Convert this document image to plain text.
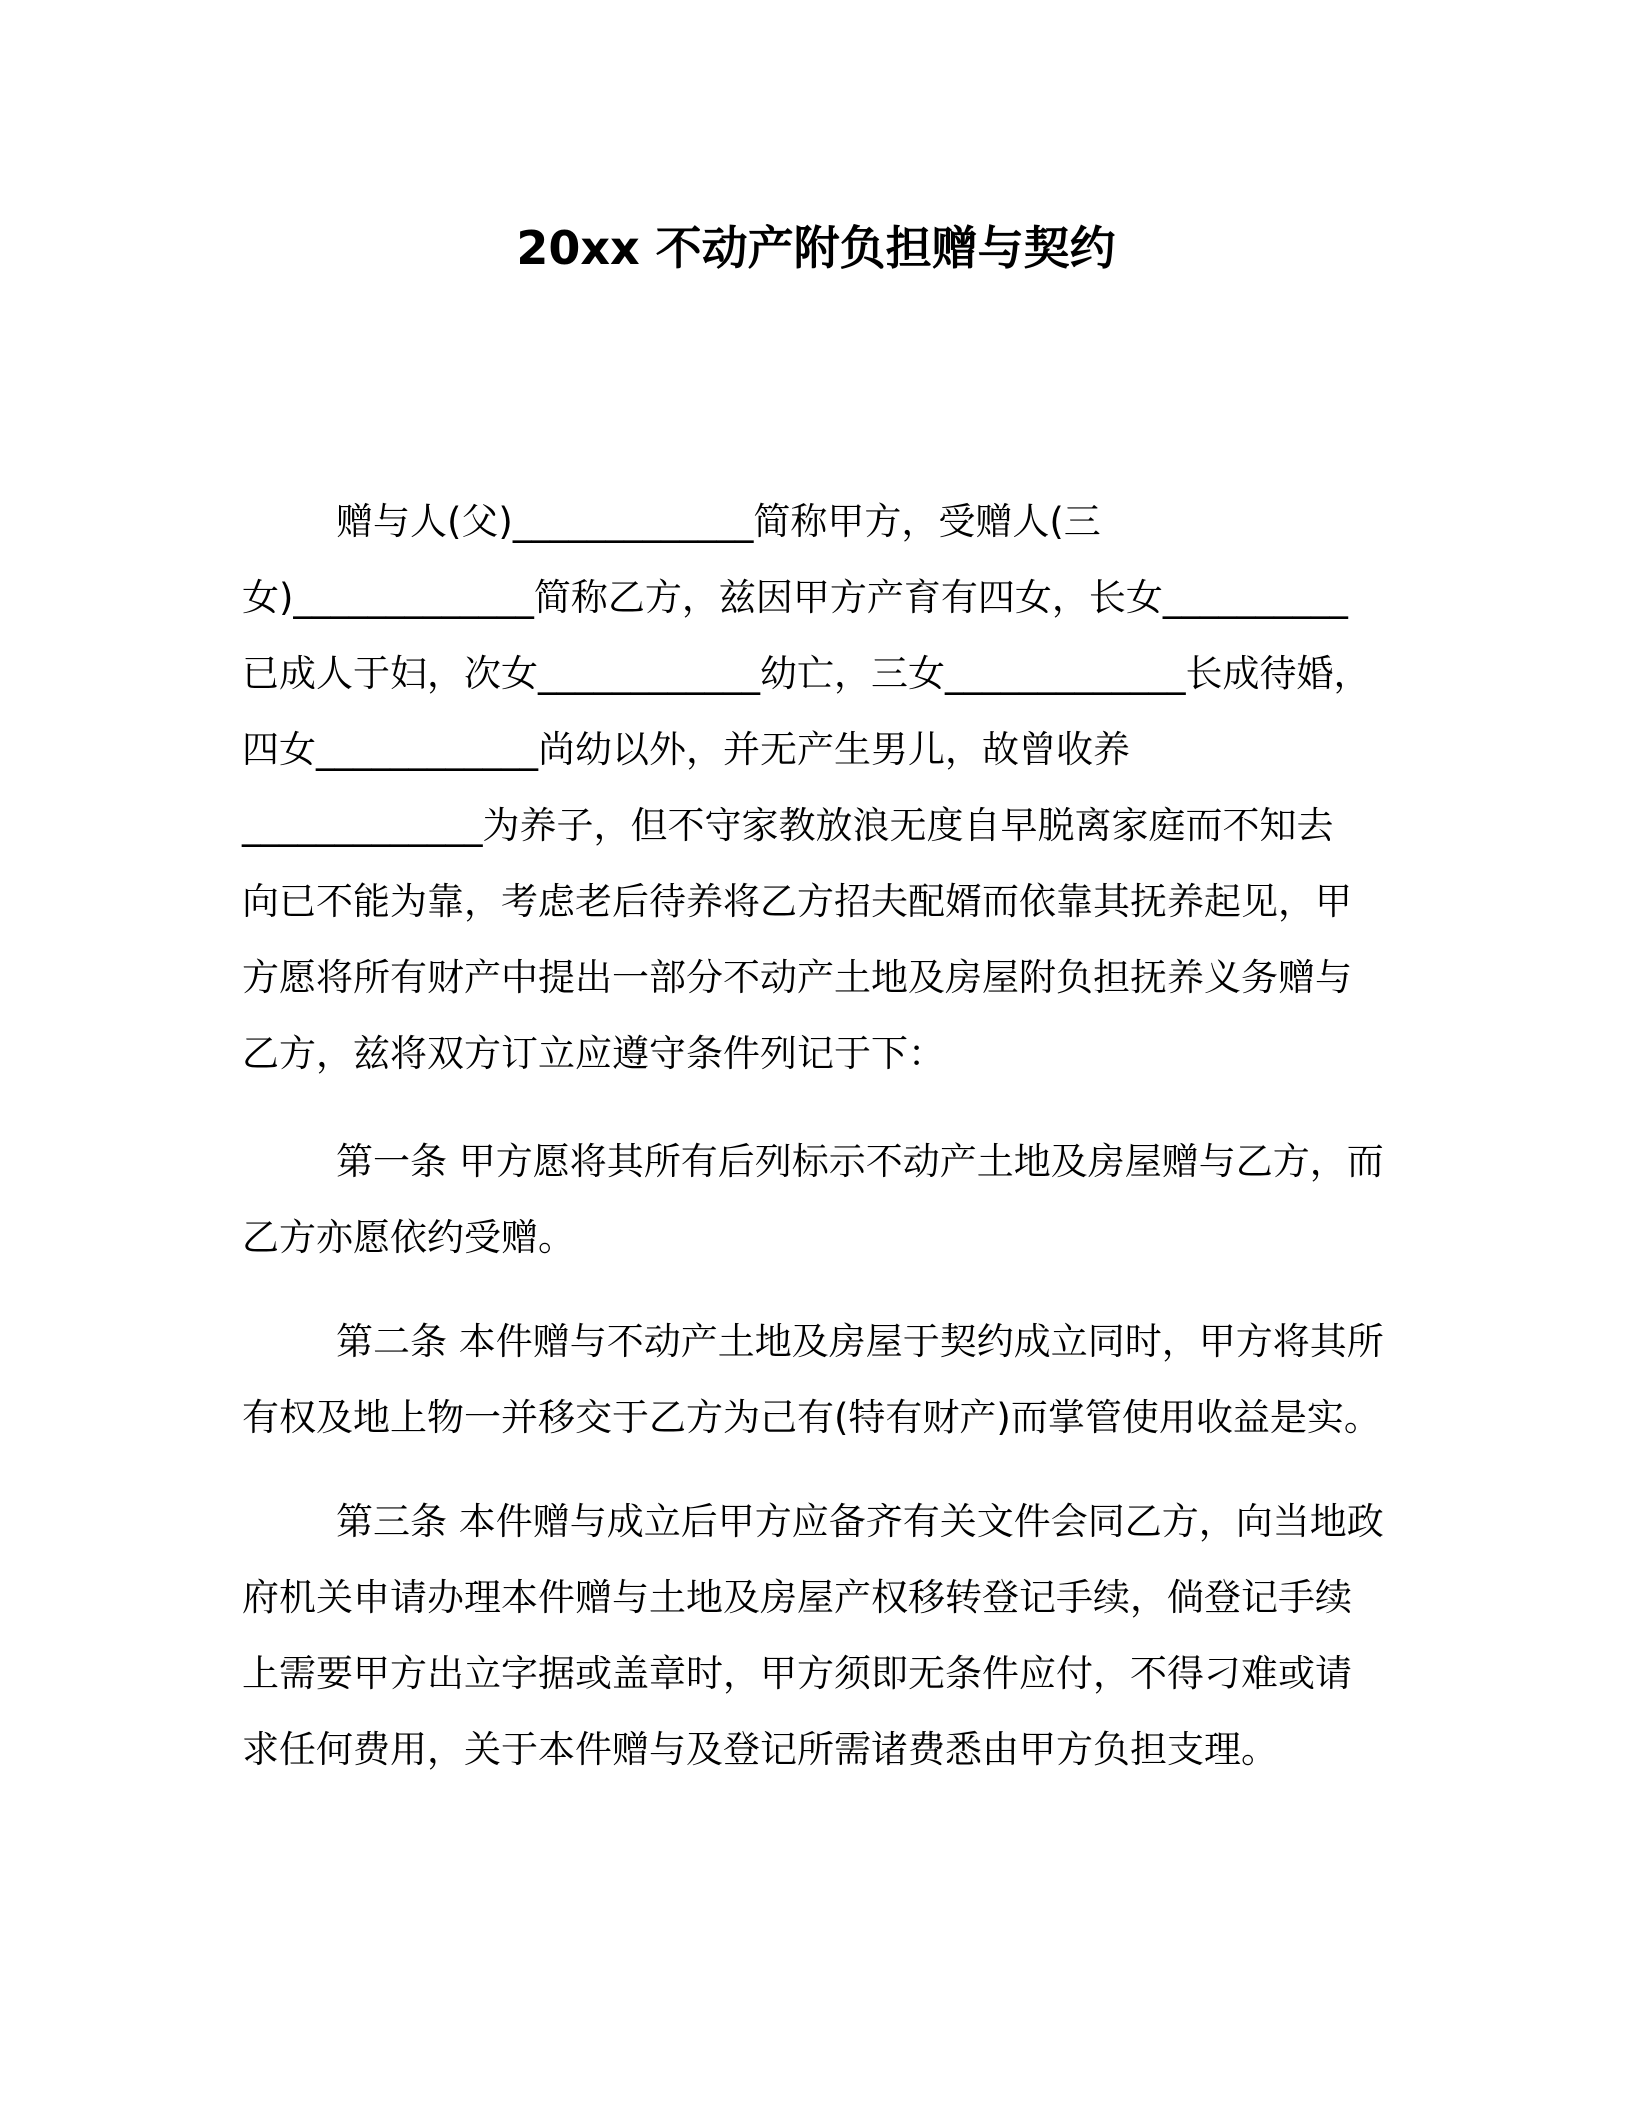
20xx 不动产附负担赠与契约

赠与人(父)_____________简称甲方，受赠人(三

女)_____________简称乙方，兹因甲方产育有四女，长女__________

已成人于妇，次女____________幼亡，三女_____________长成待婚，

四女____________尚幼以外，并无产生男儿，故曾收养

_____________为养子，但不守家教放浪无度自早脱离家庭而不知去

向已不能为靠，考虑老后待养将乙方招夫配婿而依靠其抚养起见，甲

方愿将所有财产中提出一部分不动产土地及房屋附负担抚养义务赠与

乙方，兹将双方订立应遵守条件列记于下：

第一条 甲方愿将其所有后列标示不动产土地及房屋赠与乙方，而

乙方亦愿依约受赠。

第二条 本件赠与不动产土地及房屋于契约成立同时，甲方将其所

有权及地上物一并移交于乙方为己有(特有财产)而掌管使用收益是实。

第三条 本件赠与成立后甲方应备齐有关文件会同乙方，向当地政

府机关申请办理本件赠与土地及房屋产权移转登记手续，倘登记手续

上需要甲方出立字据或盖章时，甲方须即无条件应付，不得刁难或请

求任何费用，关于本件赠与及登记所需诸费悉由甲方负担支理。
